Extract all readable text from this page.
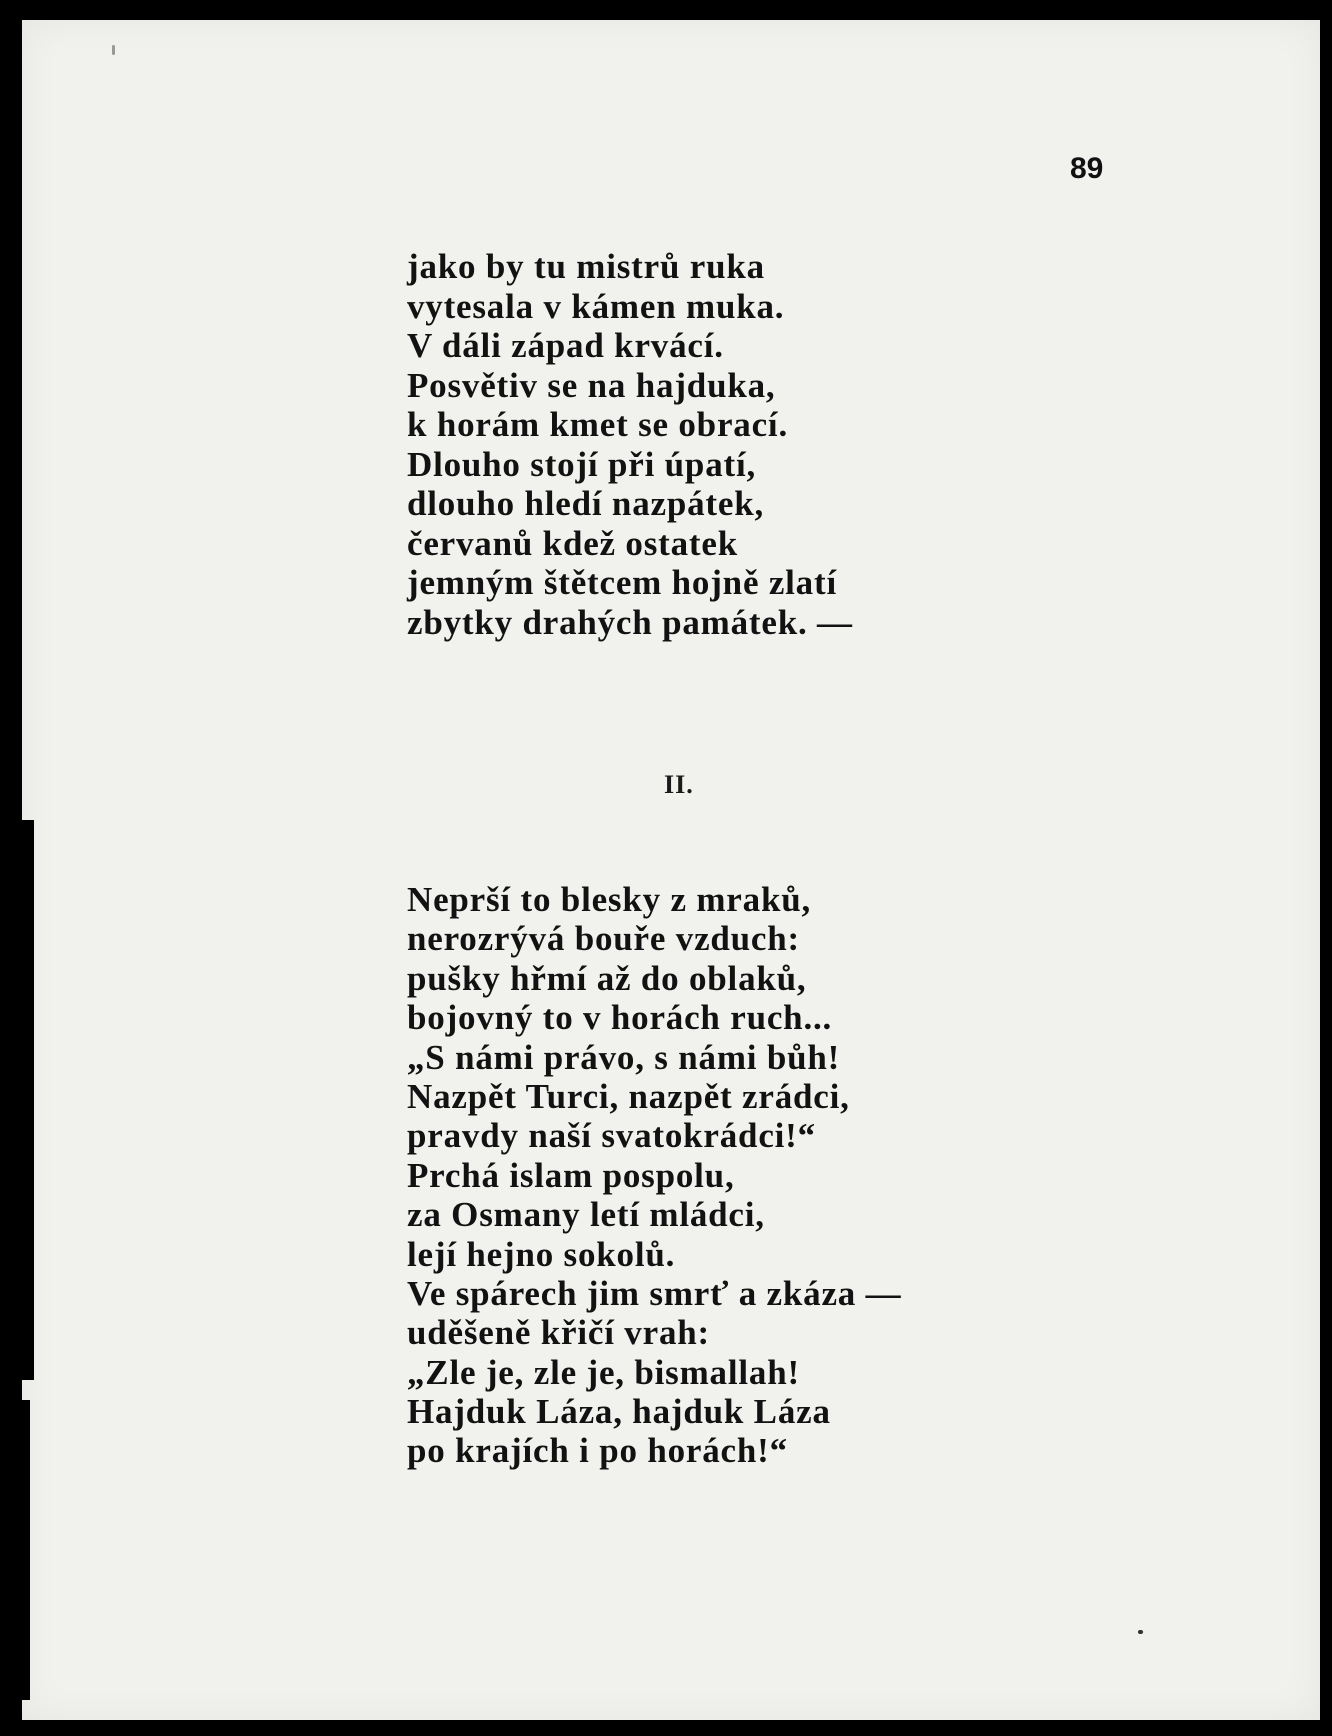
89
jako by tu mistrů ruka
vytesala v kámen muka.
V dáli západ krvácí.
Posvětiv se na hajduka,
k horám kmet se obrací.
Dlouho stojí při úpatí,
dlouho hledí nazpátek,
červanů kdež ostatek
jemným štětcem hojně zlatí
zbytky drahých památek. —
II.
Neprší to blesky z mraků,
nerozrývá bouře vzduch:
pušky hřmí až do oblaků,
bojovný to v horách ruch...
„S námi právo, s námi bůh!
Nazpět Turci, nazpět zrádci,
pravdy naší svatokrádci!“
Prchá islam pospolu,
za Osmany letí mládci,
lejí hejno sokolů.
Ve spárech jim smrť a zkáza —
uděšeně křičí vrah:
„Zle je, zle je, bismallah!
Hajduk Láza, hajduk Láza
po krajích i po horách!“
